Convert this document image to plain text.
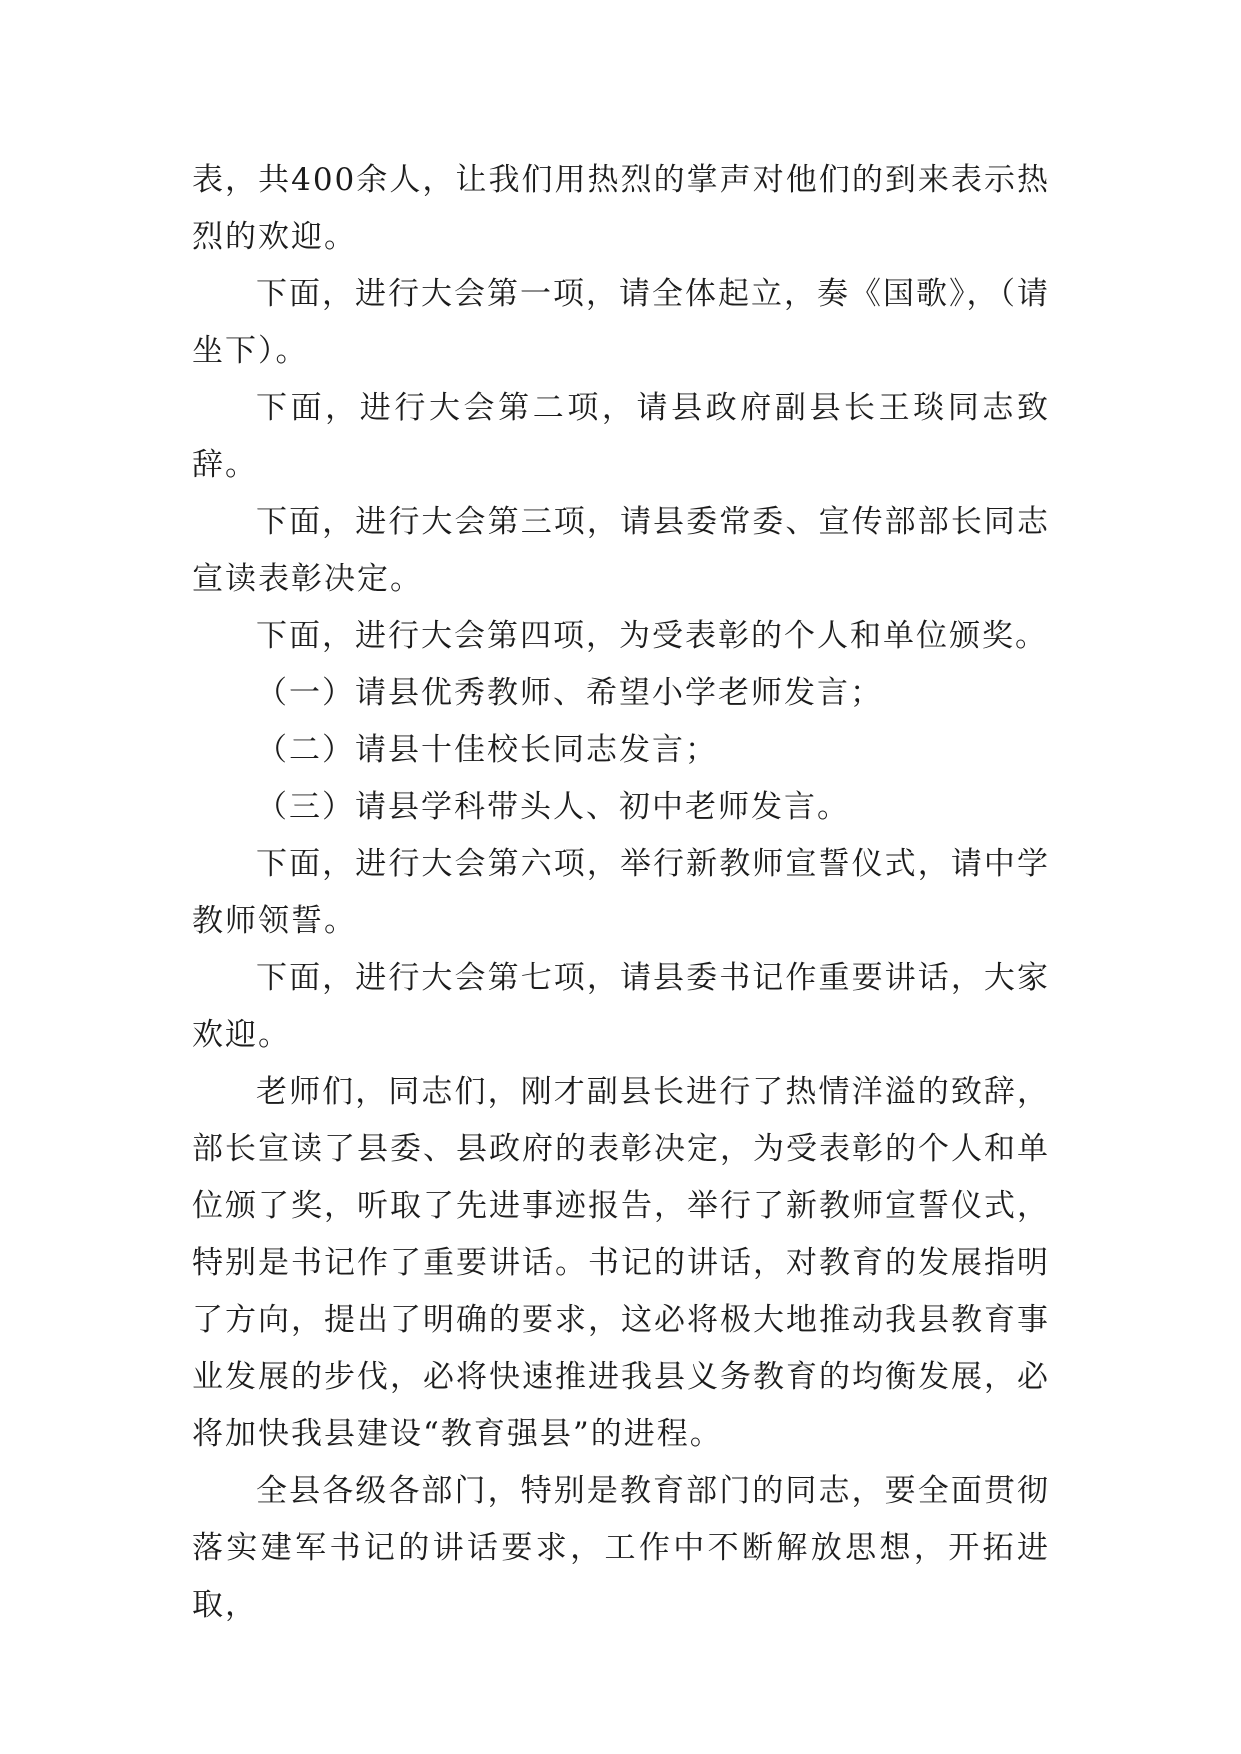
表，共400余人，让我们用热烈的掌声对他们的到来表示热烈的欢迎。

下面，进行大会第一项，请全体起立，奏《国歌》，（请坐下）。

下面，进行大会第二项，请县政府副县长王琰同志致辞。

下面，进行大会第三项，请县委常委、宣传部部长同志宣读表彰决定。

下面，进行大会第四项，为受表彰的个人和单位颁奖。

（一）请县优秀教师、希望小学老师发言；

（二）请县十佳校长同志发言；

（三）请县学科带头人、初中老师发言。

下面，进行大会第六项，举行新教师宣誓仪式，请中学教师领誓。

下面，进行大会第七项，请县委书记作重要讲话，大家欢迎。

老师们，同志们，刚才副县长进行了热情洋溢的致辞，部长宣读了县委、县政府的表彰决定，为受表彰的个人和单位颁了奖，听取了先进事迹报告，举行了新教师宣誓仪式，特别是书记作了重要讲话。书记的讲话，对教育的发展指明了方向，提出了明确的要求，这必将极大地推动我县教育事业发展的步伐，必将快速推进我县义务教育的均衡发展，必将加快我县建设“教育强县”的进程。

全县各级各部门，特别是教育部门的同志，要全面贯彻落实建军书记的讲话要求，工作中不断解放思想，开拓进取，
